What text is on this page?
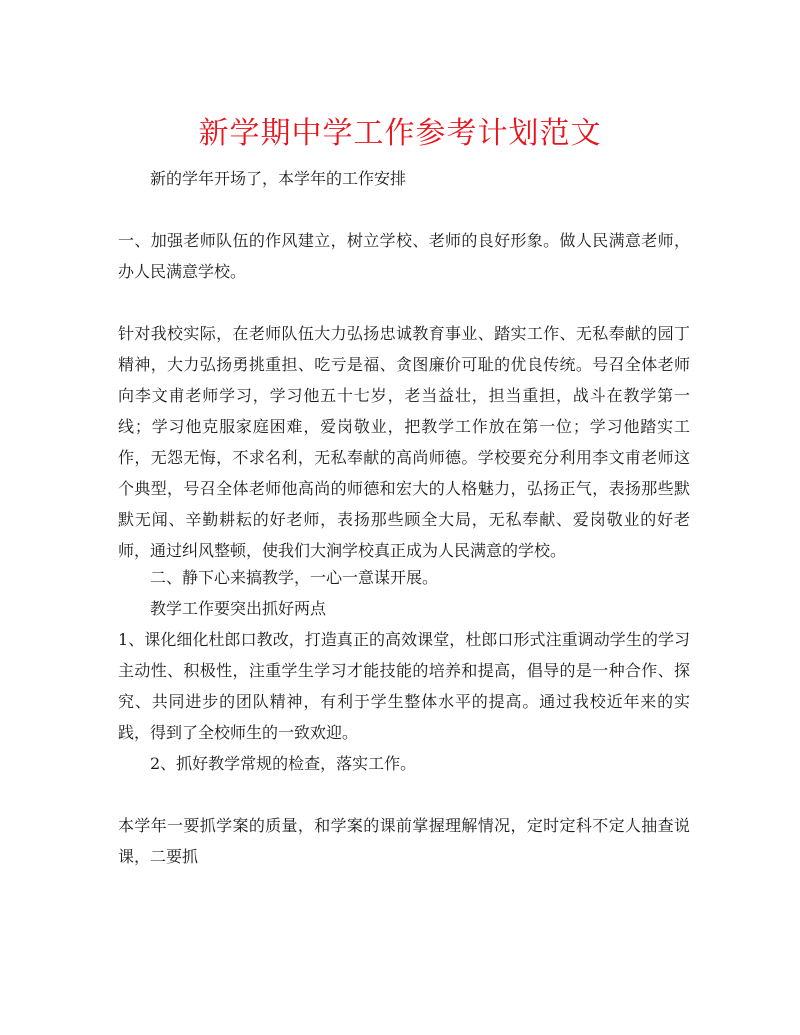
新学期中学工作参考计划范文

新的学年开场了，本学年的工作安排

一、加强老师队伍的作风建立，树立学校、老师的良好形象。做人民满意老师，办人民满意学校。

针对我校实际，在老师队伍大力弘扬忠诚教育事业、踏实工作、无私奉献的园丁精神，大力弘扬勇挑重担、吃亏是福、贪图廉价可耻的优良传统。号召全体老师向李文甫老师学习，学习他五十七岁，老当益壮，担当重担，战斗在教学第一线；学习他克服家庭困难，爱岗敬业，把教学工作放在第一位；学习他踏实工作，无怨无悔，不求名利，无私奉献的高尚师德。学校要充分利用李文甫老师这个典型，号召全体老师他高尚的师德和宏大的人格魅力，弘扬正气，表扬那些默默无闻、辛勤耕耘的好老师，表扬那些顾全大局，无私奉献、爱岗敬业的好老师，通过纠风整顿，使我们大涧学校真正成为人民满意的学校。

二、静下心来搞教学，一心一意谋开展。

教学工作要突出抓好两点

1、课化细化杜郎口教改，打造真正的高效课堂，杜郎口形式注重调动学生的学习主动性、积极性，注重学生学习才能技能的培养和提高，倡导的是一种合作、探究、共同进步的团队精神，有利于学生整体水平的提高。通过我校近年来的实践，得到了全校师生的一致欢迎。

2、抓好教学常规的检查，落实工作。

本学年一要抓学案的质量，和学案的课前掌握理解情况，定时定科不定人抽查说课，二要抓
